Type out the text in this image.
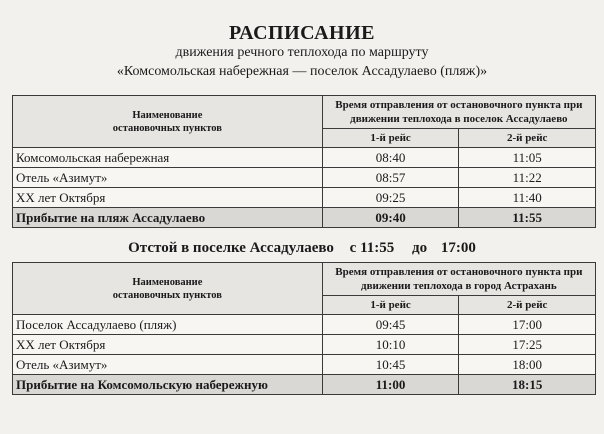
РАСПИСАНИЕ
движения речного теплохода по маршруту
«Комсомольская набережная — поселок Ассадулаево (пляж)»
Наименование остановочных пунктов	Время отправления от остановочного пункта при движении теплохода в поселок Ассадулаево	

	1-й рейс	2-й рейс
Комсомольская набережная	08:40	11:05
Отель «Азимут»	08:57	11:22
XX лет Октября	09:25	11:40
Прибытие на пляж Ассадулаево	09:40	11:55
Отстой в поселке Ассадулаево с 11:55 до 17:00
Наименование остановочных пунктов	Время отправления от остановочного пункта при движении теплохода в город Астрахань	

	1-й рейс	2-й рейс
Поселок Ассадулаево (пляж)	09:45	17:00
XX лет Октября	10:10	17:25
Отель «Азимут»	10:45	18:00
Прибытие на Комсомольскую набережную	11:00	18:15
